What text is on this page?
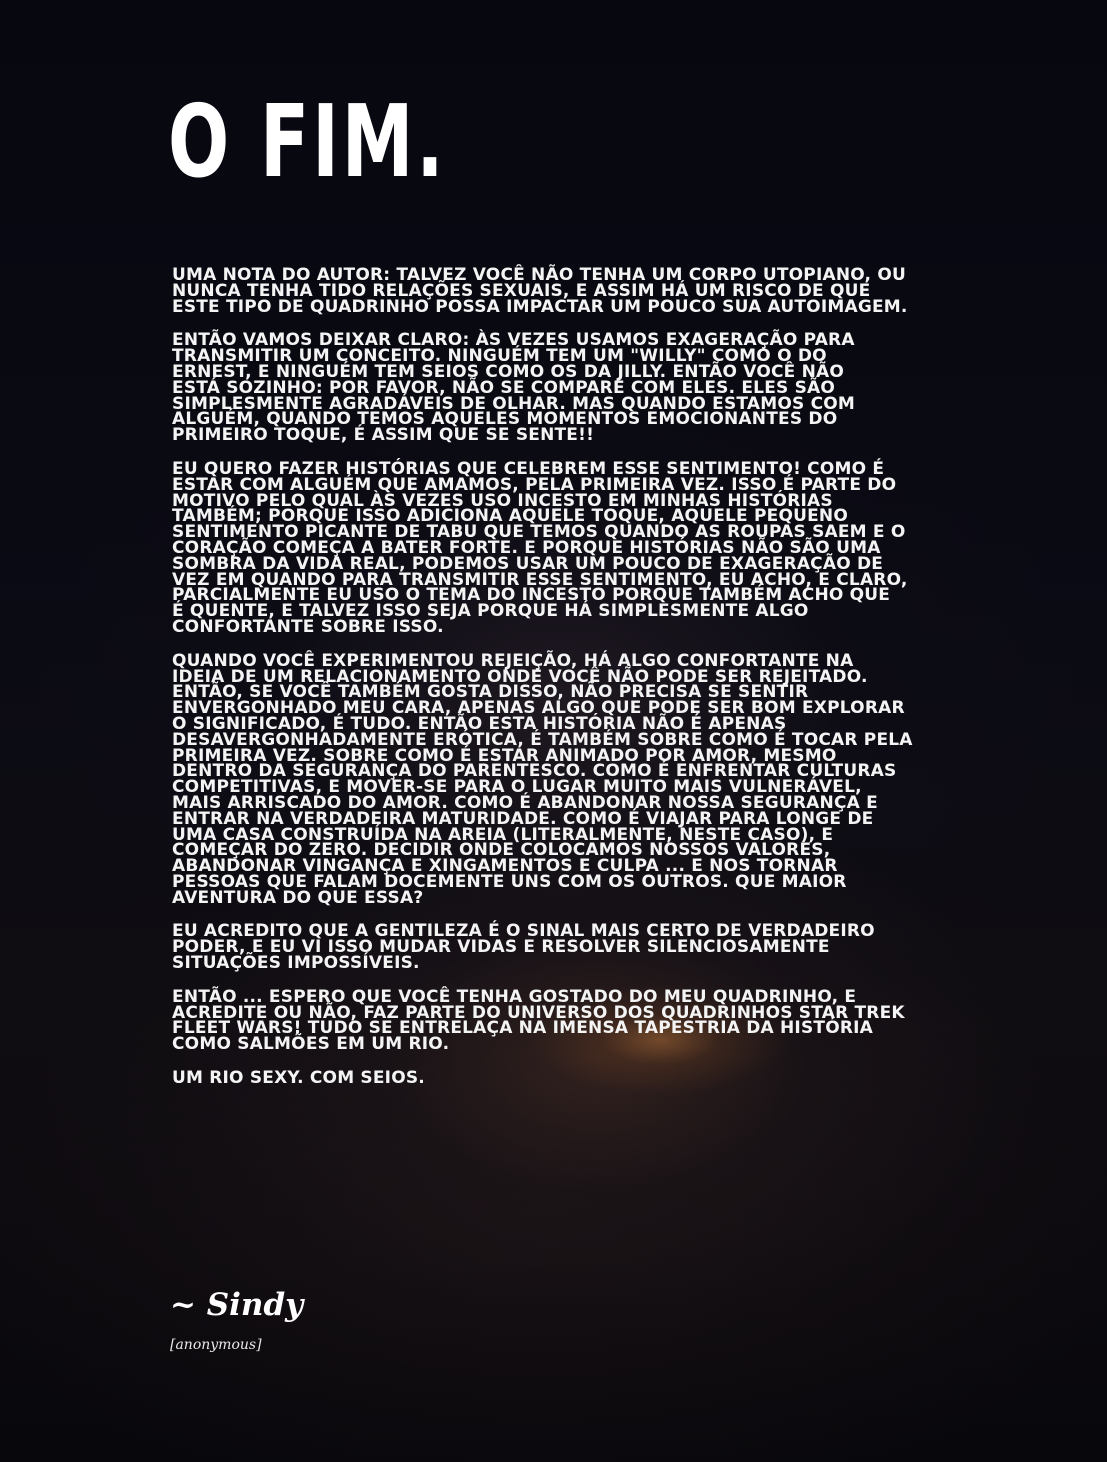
O FIM.

UMA NOTA DO AUTOR: TALVEZ VOCÊ NÃO TENHA UM CORPO UTOPIANO, OU
NUNCA TENHA TIDO RELAÇÕES SEXUAIS, E ASSIM HÁ UM RISCO DE QUE
ESTE TIPO DE QUADRINHO POSSA IMPACTAR UM POUCO SUA AUTOIMAGEM.

ENTÃO VAMOS DEIXAR CLARO: ÀS VEZES USAMOS EXAGERAÇÃO PARA
TRANSMITIR UM CONCEITO. NINGUÉM TEM UM "WILLY" COMO O DO
ERNEST, E NINGUÉM TEM SEIOS COMO OS DA JILLY. ENTÃO VOCÊ NÃO
ESTÁ SOZINHO: POR FAVOR, NÃO SE COMPARE COM ELES. ELES SÃO
SIMPLESMENTE AGRADÁVEIS DE OLHAR. MAS QUANDO ESTAMOS COM
ALGUÉM, QUANDO TEMOS AQUELES MOMENTOS EMOCIONANTES DO
PRIMEIRO TOQUE, É ASSIM QUE SE SENTE!!

EU QUERO FAZER HISTÓRIAS QUE CELEBREM ESSE SENTIMENTO! COMO É
ESTAR COM ALGUÉM QUE AMAMOS, PELA PRIMEIRA VEZ. ISSO É PARTE DO
MOTIVO PELO QUAL ÀS VEZES USO INCESTO EM MINHAS HISTÓRIAS
TAMBÉM; PORQUE ISSO ADICIONA AQUELE TOQUE, AQUELE PEQUENO
SENTIMENTO PICANTE DE TABU QUE TEMOS QUANDO AS ROUPAS SAEM E O
CORAÇÃO COMEÇA A BATER FORTE. E PORQUE HISTÓRIAS NÃO SÃO UMA
SOMBRA DA VIDA REAL, PODEMOS USAR UM POUCO DE EXAGERAÇÃO DE
VEZ EM QUANDO PARA TRANSMITIR ESSE SENTIMENTO, EU ACHO, E CLARO,
PARCIALMENTE EU USO O TEMA DO INCESTO PORQUE TAMBÉM ACHO QUE
É QUENTE, E TALVEZ ISSO SEJA PORQUE HÁ SIMPLESMENTE ALGO
CONFORTANTE SOBRE ISSO.

QUANDO VOCÊ EXPERIMENTOU REJEIÇÃO, HÁ ALGO CONFORTANTE NA
IDEIA DE UM RELACIONAMENTO ONDE VOCÊ NÃO PODE SER REJEITADO.
ENTÃO, SE VOCÊ TAMBÉM GOSTA DISSO, NÃO PRECISA SE SENTIR
ENVERGONHADO MEU CARA, APENAS ALGO QUE PODE SER BOM EXPLORAR
O SIGNIFICADO, É TUDO. ENTÃO ESTA HISTÓRIA NÃO É APENAS
DESAVERGONHADAMENTE ERÓTICA, É TAMBÉM SOBRE COMO É TOCAR PELA
PRIMEIRA VEZ. SOBRE COMO É ESTAR ANIMADO POR AMOR, MESMO
DENTRO DA SEGURANÇA DO PARENTESCO. COMO É ENFRENTAR CULTURAS
COMPETITIVAS, E MOVER-SE PARA O LUGAR MUITO MAIS VULNERÁVEL,
MAIS ARRISCADO DO AMOR. COMO É ABANDONAR NOSSA SEGURANÇA E
ENTRAR NA VERDADEIRA MATURIDADE. COMO É VIAJAR PARA LONGE DE
UMA CASA CONSTRUÍDA NA AREIA (LITERALMENTE, NESTE CASO), E
COMEÇAR DO ZERO. DECIDIR ONDE COLOCAMOS NOSSOS VALORES,
ABANDONAR VINGANÇA E XINGAMENTOS E CULPA ... E NOS TORNAR
PESSOAS QUE FALAM DOCEMENTE UNS COM OS OUTROS. QUE MAIOR
AVENTURA DO QUE ESSA?

EU ACREDITO QUE A GENTILEZA É O SINAL MAIS CERTO DE VERDADEIRO
PODER, E EU VI ISSO MUDAR VIDAS E RESOLVER SILENCIOSAMENTE
SITUAÇÕES IMPOSSÍVEIS.

ENTÃO ... ESPERO QUE VOCÊ TENHA GOSTADO DO MEU QUADRINHO, E
ACREDITE OU NÃO, FAZ PARTE DO UNIVERSO DOS QUADRINHOS STAR TREK
FLEET WARS! TUDO SE ENTRELAÇA NA IMENSA TAPESTRIA DA HISTÓRIA
COMO SALMÕES EM UM RIO.

UM RIO SEXY. COM SEIOS.

~ Sindy
[anonymous]
